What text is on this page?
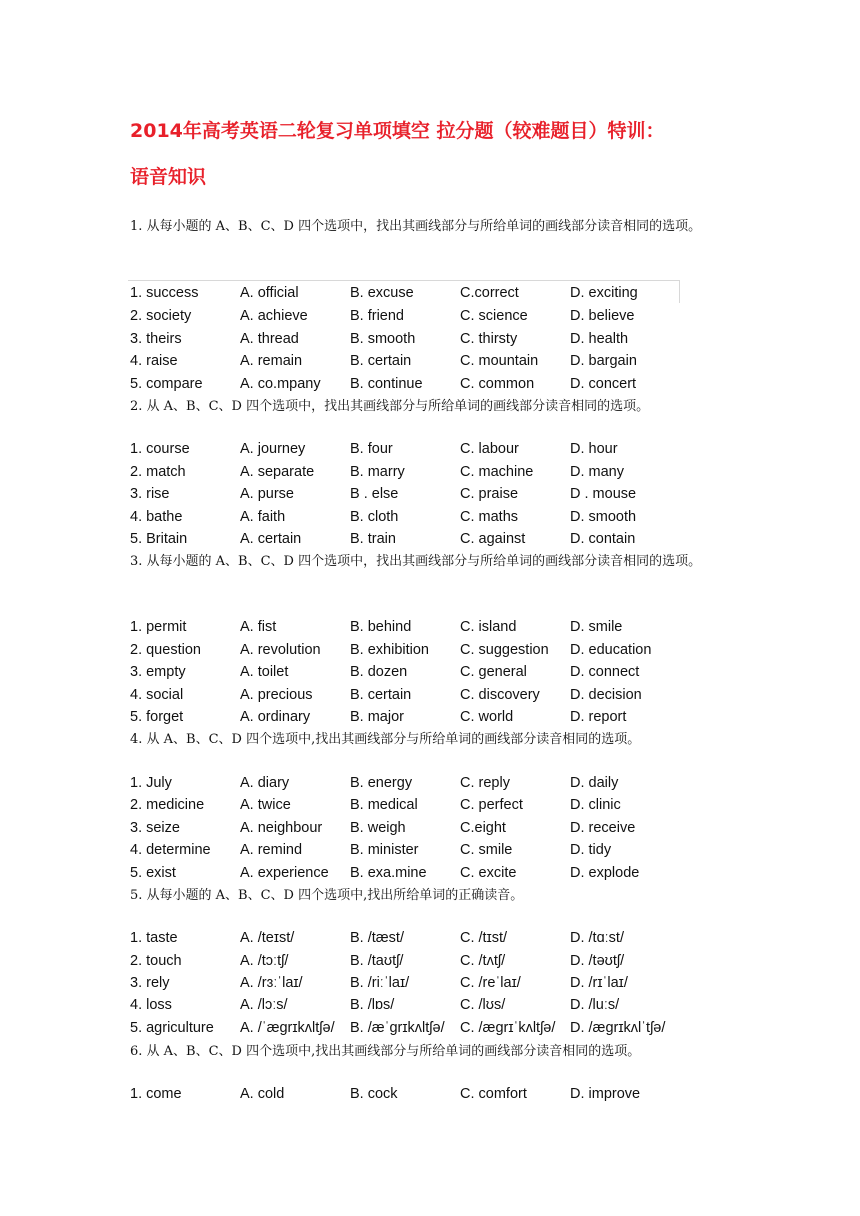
2014年高考英语二轮复习单项填空 拉分题（较难题目）特训：
语音知识
1. 从每小题的 A、B、C、D 四个选项中，找出其画线部分与所给单词的画线部分读音相同的选项。
1. success	A. official	B. excuse	C.correct	D. exciting
2. society	A. achieve	B. friend	C. science	D. believe
3. theirs	A. thread	B. smooth	C. thirsty	D. health
4. raise	A. remain	B. certain	C. mountain D. bargain
5. compare	A. co.mpany B. continue	C. common D. concert
2. 从 A、B、C、D 四个选项中，找出其画线部分与所给单词的画线部分读音相同的选项。
1. course	A. journey	B. four	C. labour	D. hour
2. match	A. separate B. marry	C. machine	D. many
3. rise	A. purse	B . else	C. praise	D . mouse
4. bathe	A. faith	B. cloth	C. maths	D. smooth
5. Britain	A. certain	B. train	C. against	D. contain
3. 从每小题的 A、B、C、D 四个选项中，找出其画线部分与所给单词的画线部分读音相同的选项。
1. permit	A. fist	B. behind	C. island	D. smile
2. question	A. revolution B. exhibition C. suggestion D. education
3. empty	A. toilet	B. dozen	C. general	D. connect
4. social	A. precious	B. certain	C. discovery D. decision
5. forget	A. ordinary	B. major	C. world	D. report
4. 从 A、B、C、D 四个选项中,找出其画线部分与所给单词的画线部分读音相同的选项。
1. July	A. diary	B. energy	C. reply	D. daily
2. medicine A. twice	B. medical	C. perfect	D. clinic
3. seize	A. neighbour B. weigh	C.eight	D. receive
4. determine A. remind	B. minister	C. smile	D. tidy
5. exist	A. experience B. exa.mine C. excite	D. explode
5. 从每小题的 A、B、C、D 四个选项中,找出所给单词的正确读音。
1. taste	A. /teɪst/	B. /tæst/	C. /tɪst/	D. /tɑːst/
2. touch	A. /tɔːtʃ/	B. /taʊtʃ/	C. /tʌtʃ/	D. /təʊtʃ/
3. rely	A. /rɜːˈlaɪ/	B. /riːˈlaɪ/	C. /reˈlaɪ/	D. /rɪˈlaɪ/
4. loss	A. /lɔːs/	B. /lɒs/	C. /lʊs/	D. /luːs/
5. agriculture A. /ˈægrɪkʌltʃə/ B. /æˈgrɪkʌltʃə/ C. /ægrɪˈkʌltʃə/ D. /ægrɪkʌlˈtʃə/
6. 从 A、B、C、D 四个选项中,找出其画线部分与所给单词的画线部分读音相同的选项。
1. come	A. cold	B. cock	C. comfort	D. improve
